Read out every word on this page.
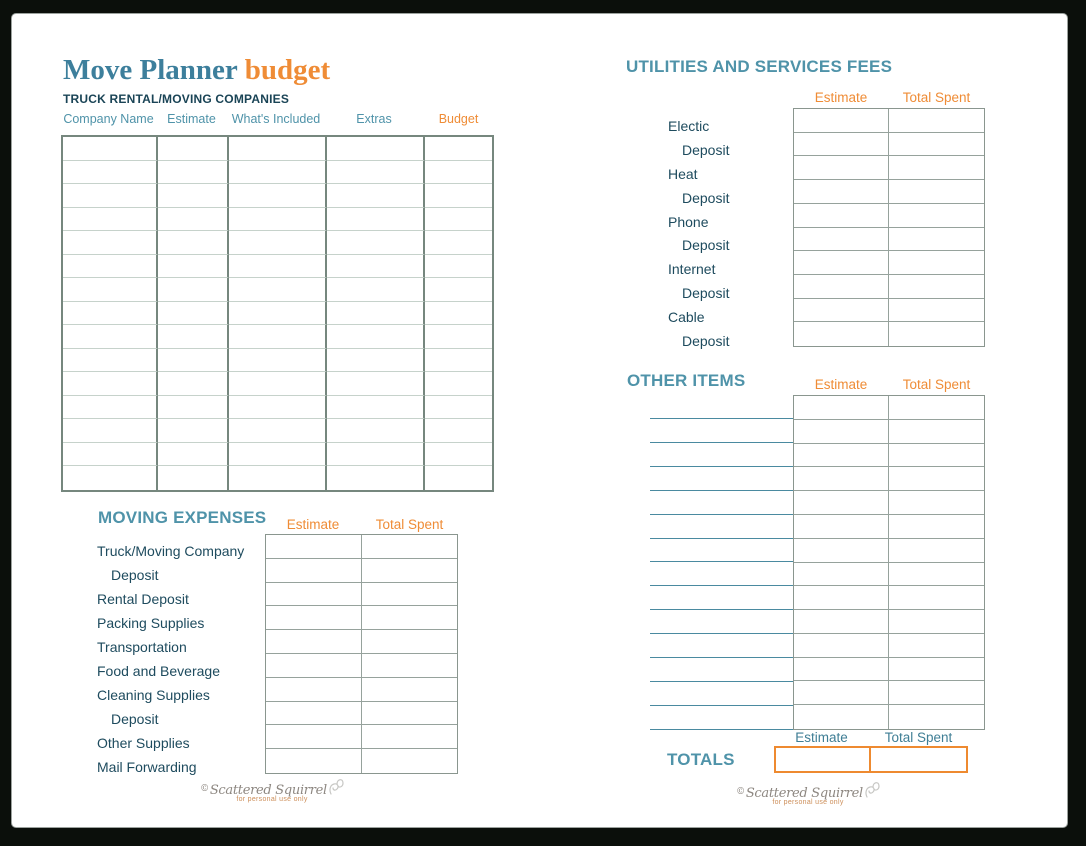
Move Planner budget
TRUCK RENTAL/MOVING COMPANIES
Company Name	Estimate	What's Included	Extras	Budget
MOVING EXPENSES	Estimate	Total Spent
Truck/Moving Company
Deposit
Rental Deposit
Packing Supplies
Transportation
Food and Beverage
Cleaning Supplies
Deposit
Other Supplies
Mail Forwarding
UTILITIES AND SERVICES FEES
Estimate	Total Spent
Electic
Deposit
Heat
Deposit
Phone
Deposit
Internet
Deposit
Cable
Deposit
OTHER ITEMS	Estimate	Total Spent
TOTALS
Estimate	Total Spent
©Scattered Squirrel
for personal use only
©Scattered Squirrel
for personal use only
